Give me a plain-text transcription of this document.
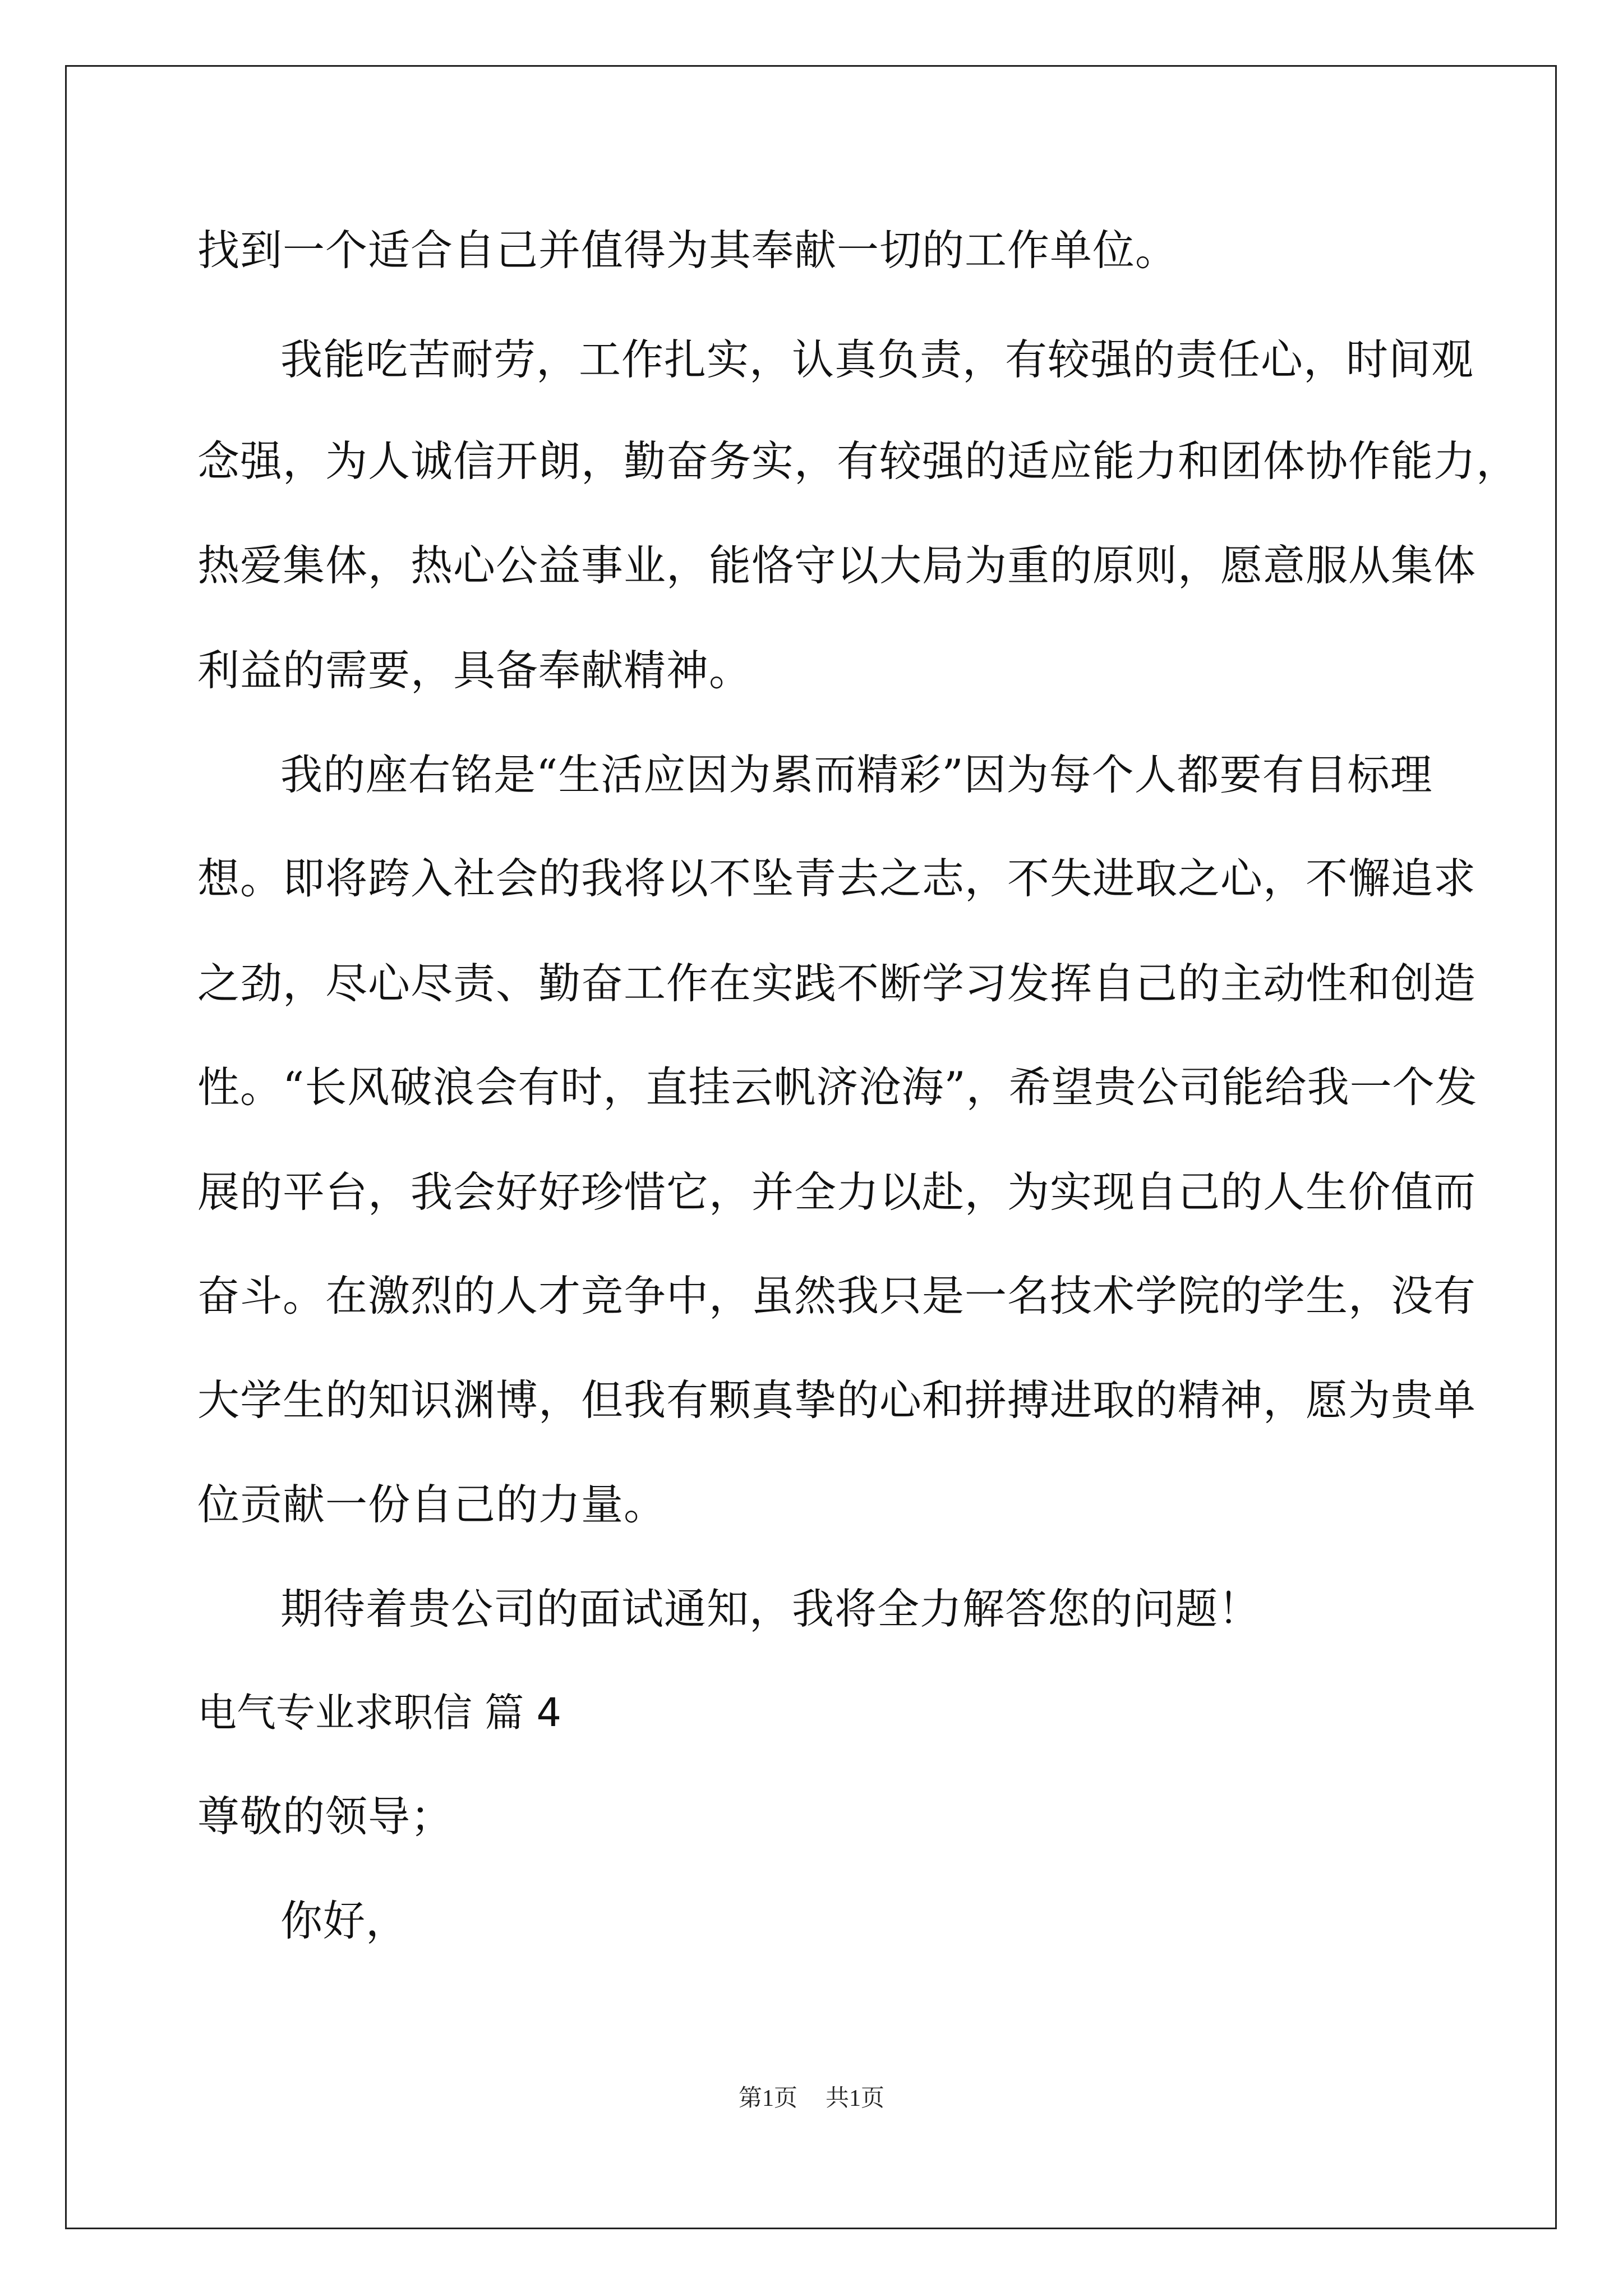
找到一个适合自己并值得为其奉献一切的工作单位。
我能吃苦耐劳，工作扎实，认真负责，有较强的责任心，时间观
念强，为人诚信开朗，勤奋务实，有较强的适应能力和团体协作能力，
热爱集体，热心公益事业，能恪守以大局为重的原则，愿意服从集体
利益的需要，具备奉献精神。
我的座右铭是“生活应因为累而精彩”因为每个人都要有目标理
想。即将跨入社会的我将以不坠青去之志，不失进取之心，不懈追求
之劲，尽心尽责、勤奋工作在实践不断学习发挥自己的主动性和创造
性。“长风破浪会有时，直挂云帆济沧海”，希望贵公司能给我一个发
展的平台，我会好好珍惜它，并全力以赴，为实现自己的人生价值而
奋斗。在激烈的人才竞争中，虽然我只是一名技术学院的学生，没有
大学生的知识渊博，但我有颗真挚的心和拼搏进取的精神，愿为贵单
位贡献一份自己的力量。
期待着贵公司的面试通知，我将全力解答您的问题！
电气专业求职信 篇 4
尊敬的领导；
你好，
第1页 共1页
